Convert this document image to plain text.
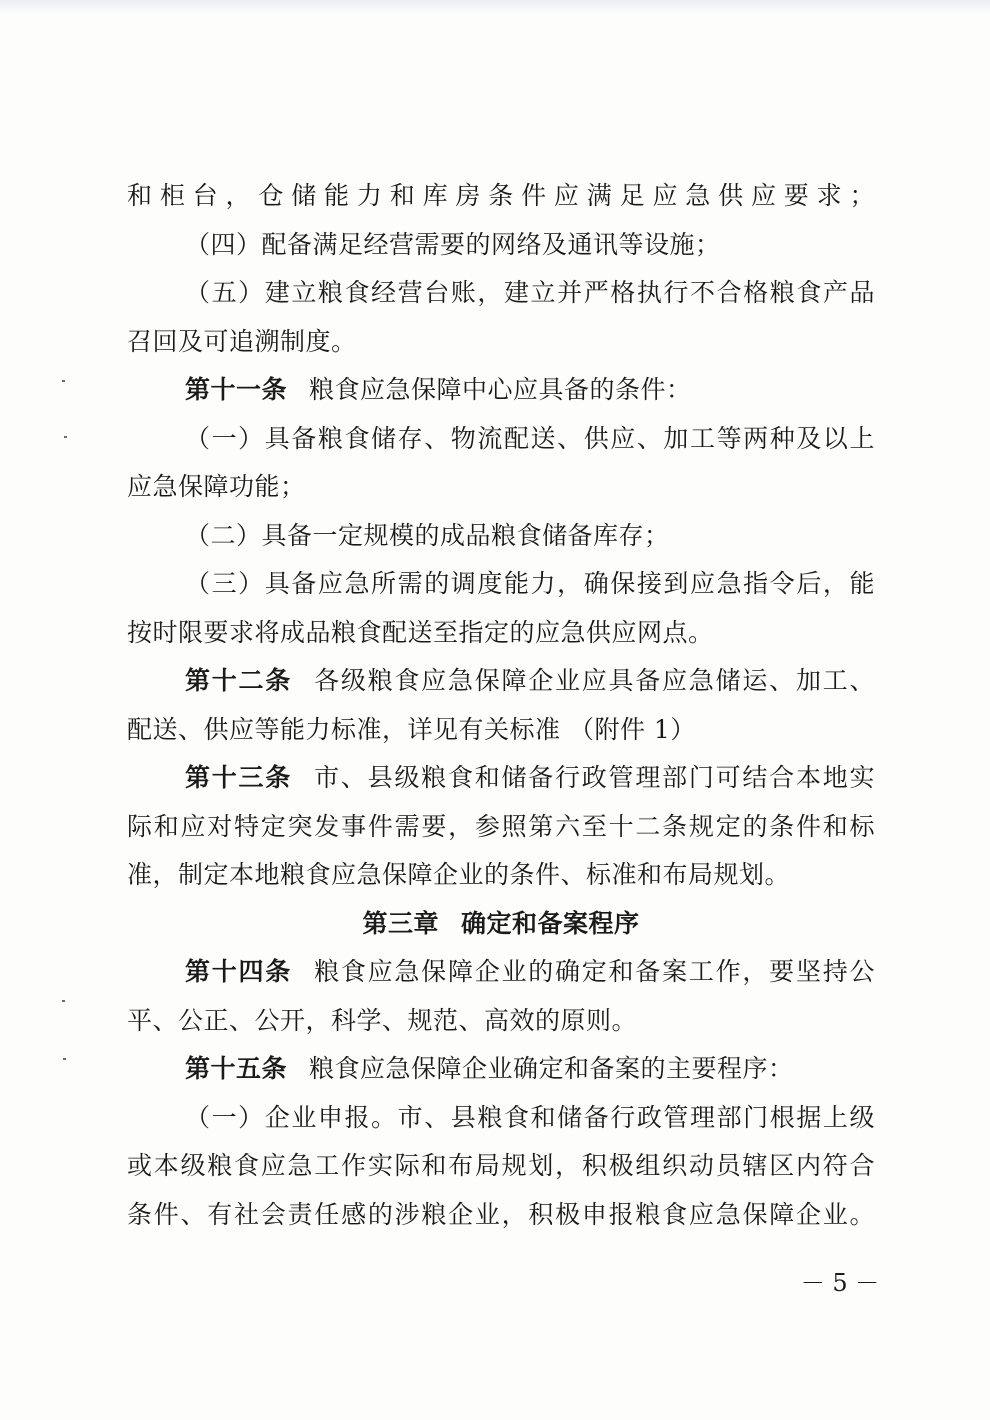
和柜台，仓储能力和库房条件应满足应急供应要求；
（四）配备满足经营需要的网络及通讯等设施；
（五）建立粮食经营台账，建立并严格执行不合格粮食产品
召回及可追溯制度。
第十一条 粮食应急保障中心应具备的条件：
（一）具备粮食储存、物流配送、供应、加工等两种及以上
应急保障功能；
（二）具备一定规模的成品粮食储备库存；
（三）具备应急所需的调度能力，确保接到应急指令后，能
按时限要求将成品粮食配送至指定的应急供应网点。
第十二条 各级粮食应急保障企业应具备应急储运、加工、
配送、供应等能力标准，详见有关标准 （附件 1）
第十三条 市、县级粮食和储备行政管理部门可结合本地实
际和应对特定突发事件需要，参照第六至十二条规定的条件和标
准，制定本地粮食应急保障企业的条件、标准和布局规划。
第三章 确定和备案程序
第十四条 粮食应急保障企业的确定和备案工作，要坚持公
平、公正、公开，科学、规范、高效的原则。
第十五条 粮食应急保障企业确定和备案的主要程序：
（一）企业申报。市、县粮食和储备行政管理部门根据上级
或本级粮食应急工作实际和布局规划，积极组织动员辖区内符合
条件、有社会责任感的涉粮企业，积极申报粮食应急保障企业。
－ 5 －
